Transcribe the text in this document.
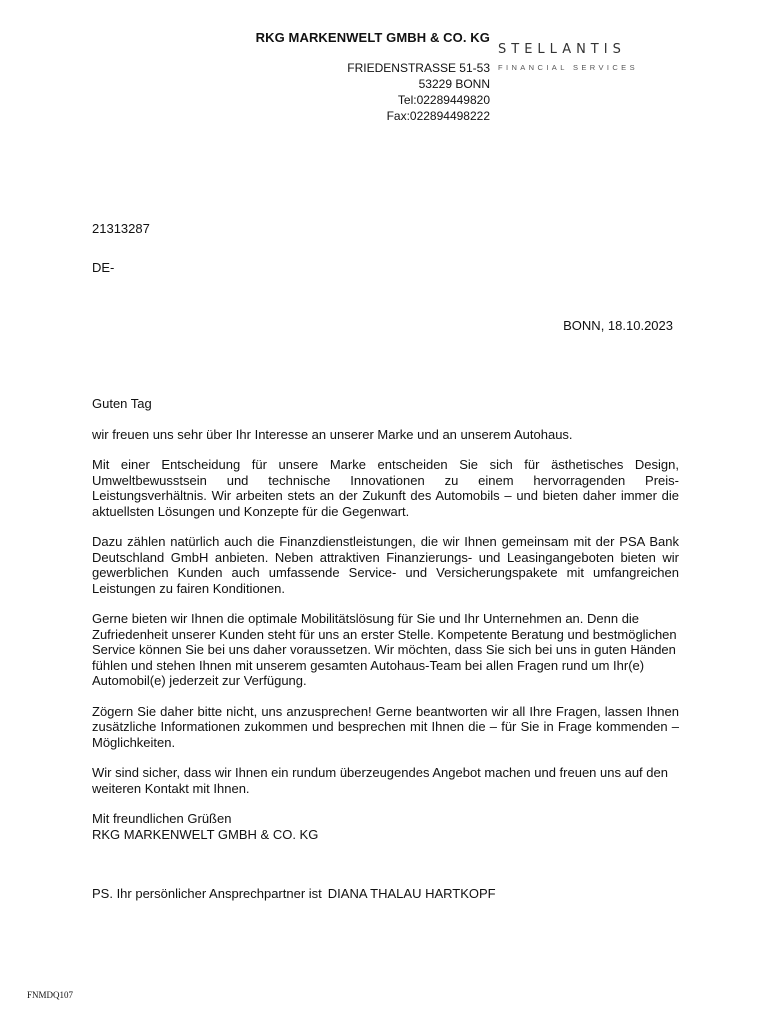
RKG MARKENWELT GMBH & CO. KG
FRIEDENSTRASSE 51-53
53229 BONN
Tel:02289449820
Fax:022894498222
STELLANTIS
FINANCIAL SERVICES
21313287
DE-
BONN, 18.10.2023

Guten Tag

wir freuen uns sehr über Ihr Interesse an unserer Marke und an unserem Autohaus.

Mit einer Entscheidung für unsere Marke entscheiden Sie sich für ästhetisches Design, Umweltbewusstsein und technische Innovationen zu einem hervorragenden Preis-Leistungsverhältnis. Wir arbeiten stets an der Zukunft des Automobils – und bieten daher immer die aktuellsten Lösungen und Konzepte für die Gegenwart.

Dazu zählen natürlich auch die Finanzdienstleistungen, die wir Ihnen gemeinsam mit der PSA Bank Deutschland GmbH anbieten. Neben attraktiven Finanzierungs- und Leasingangeboten bieten wir gewerblichen Kunden auch umfassende Service- und Versicherungspakete mit umfangreichen Leistungen zu fairen Konditionen.

Gerne bieten wir Ihnen die optimale Mobilitätslösung für Sie und Ihr Unternehmen an. Denn die Zufriedenheit unserer Kunden steht für uns an erster Stelle. Kompetente Beratung und bestmöglichen Service können Sie bei uns daher voraussetzen. Wir möchten, dass Sie sich bei uns in guten Händen fühlen und stehen Ihnen mit unserem gesamten Autohaus-Team bei allen Fragen rund um Ihr(e) Automobil(e) jederzeit zur Verfügung.

Zögern Sie daher bitte nicht, uns anzusprechen! Gerne beantworten wir all Ihre Fragen, lassen Ihnen zusätzliche Informationen zukommen und besprechen mit Ihnen die – für Sie in Frage kommenden – Möglichkeiten.

Wir sind sicher, dass wir Ihnen ein rundum überzeugendes Angebot machen und freuen uns auf den weiteren Kontakt mit Ihnen.

Mit freundlichen Grüßen

RKG MARKENWELT GMBH & CO. KG

PS. Ihr persönlicher Ansprechpartner ist DIANA THALAU HARTKOPF
FNMDQ107
